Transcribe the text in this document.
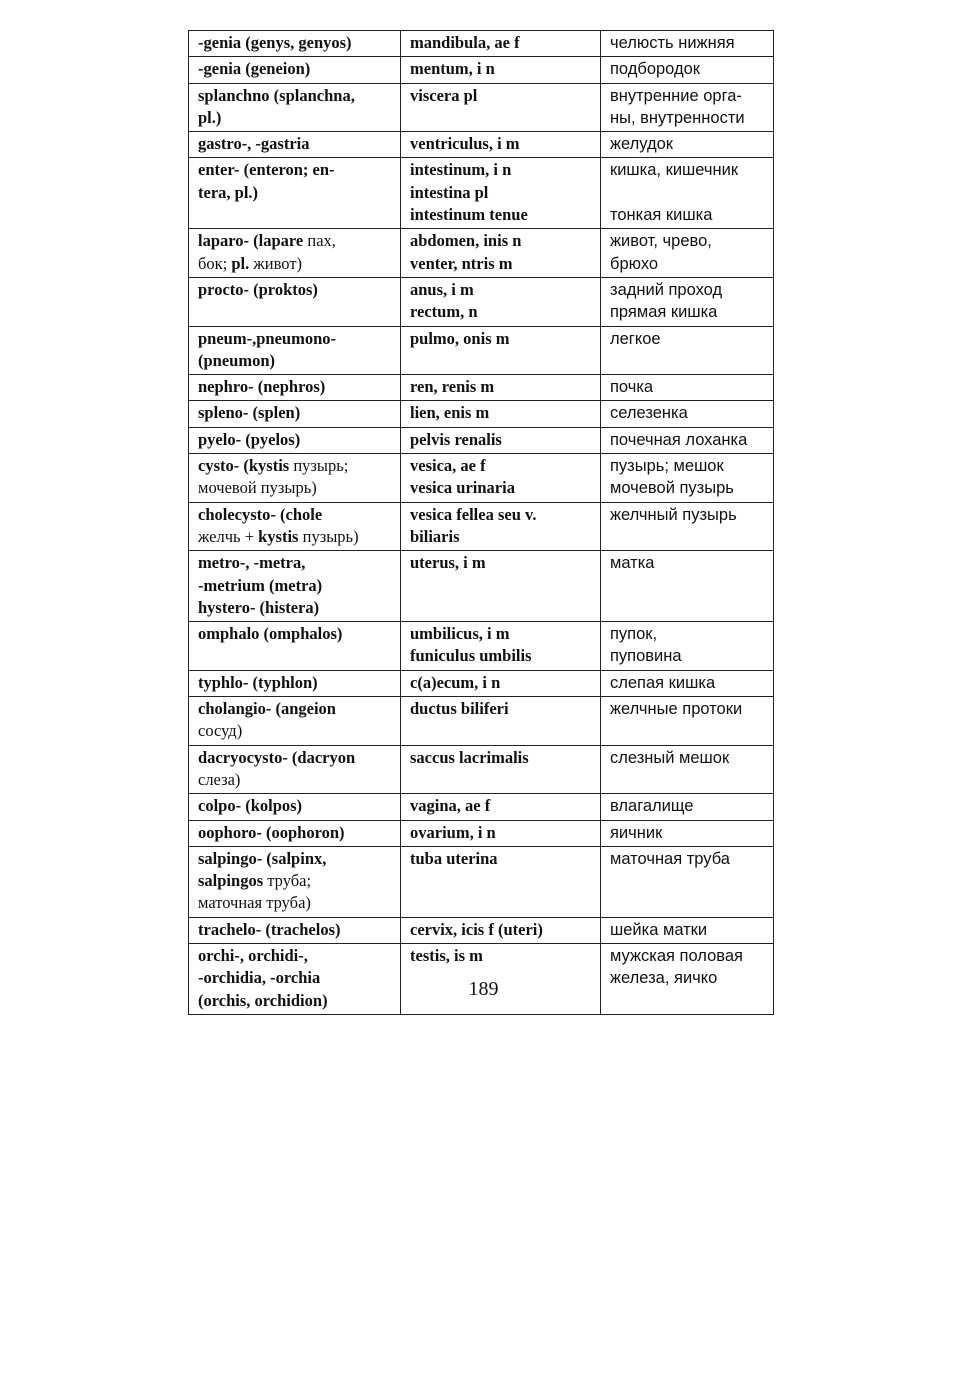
-genia (genys, genyos)	mandibula, ae f	челюсть нижняя

-genia (geneion)	mentum, i n	подбородок

splanchno (splanchna,
pl.)	viscera pl	внутренние орга-
ны, внутренности

gastro-, -gastria	ventriculus, i m	желудок

enter- (enteron; en-
tera, pl.)	intestinum, i n
intestina pl
intestinum tenue	кишка, кишечник
тонкая кишка

laparo- (lapare пах,
бок; pl. живот)	abdomen, inis n
venter, ntris m	живот, чрево,
брюхо

procto- (proktos)	anus, i m
rectum, n	задний проход
прямая кишка

pneum-,pneumono-
(pneumon)	pulmo, onis m	легкое

nephro- (nephros)	ren, renis m	почка

spleno- (splen)	lien, enis m	селезенка

pyelo- (pyelos)	pelvis renalis	почечная лоханка

cysto- (kystis пузырь;
мочевой пузырь)	vesica, ae f
vesica urinaria	пузырь; мешок
мочевой пузырь

cholecysto- (chole
желчь + kystis пузырь)	vesica fellea seu v.
biliaris	желчный пузырь

metro-, -metra,
-metrium (metra)
hystero- (histera)	uterus, i m	матка

omphalo (omphalos)	umbilicus, i m
funiculus umbilis	пупок,
пуповина

typhlo- (typhlon)	c(a)ecum, i n	слепая кишка

cholangio- (angeion
сосуд)	ductus biliferi	желчные протоки

dacryocysto- (dacryon
слеза)	saccus lacrimalis	слезный мешок

colpo- (kolpos)	vagina, ae f	влагалище

oophoro- (oophoron)	ovarium, i n	яичник

salpingo- (salpinx,
salpingos труба;
маточная труба)	tuba uterina	маточная труба

trachelo- (trachelos)	cervix, icis f (uteri)	шейка матки

orchi-, orchidi-,
-orchidia, -orchia
(orchis, orchidion)	testis, is m	мужская половая
железа, яичко
189
